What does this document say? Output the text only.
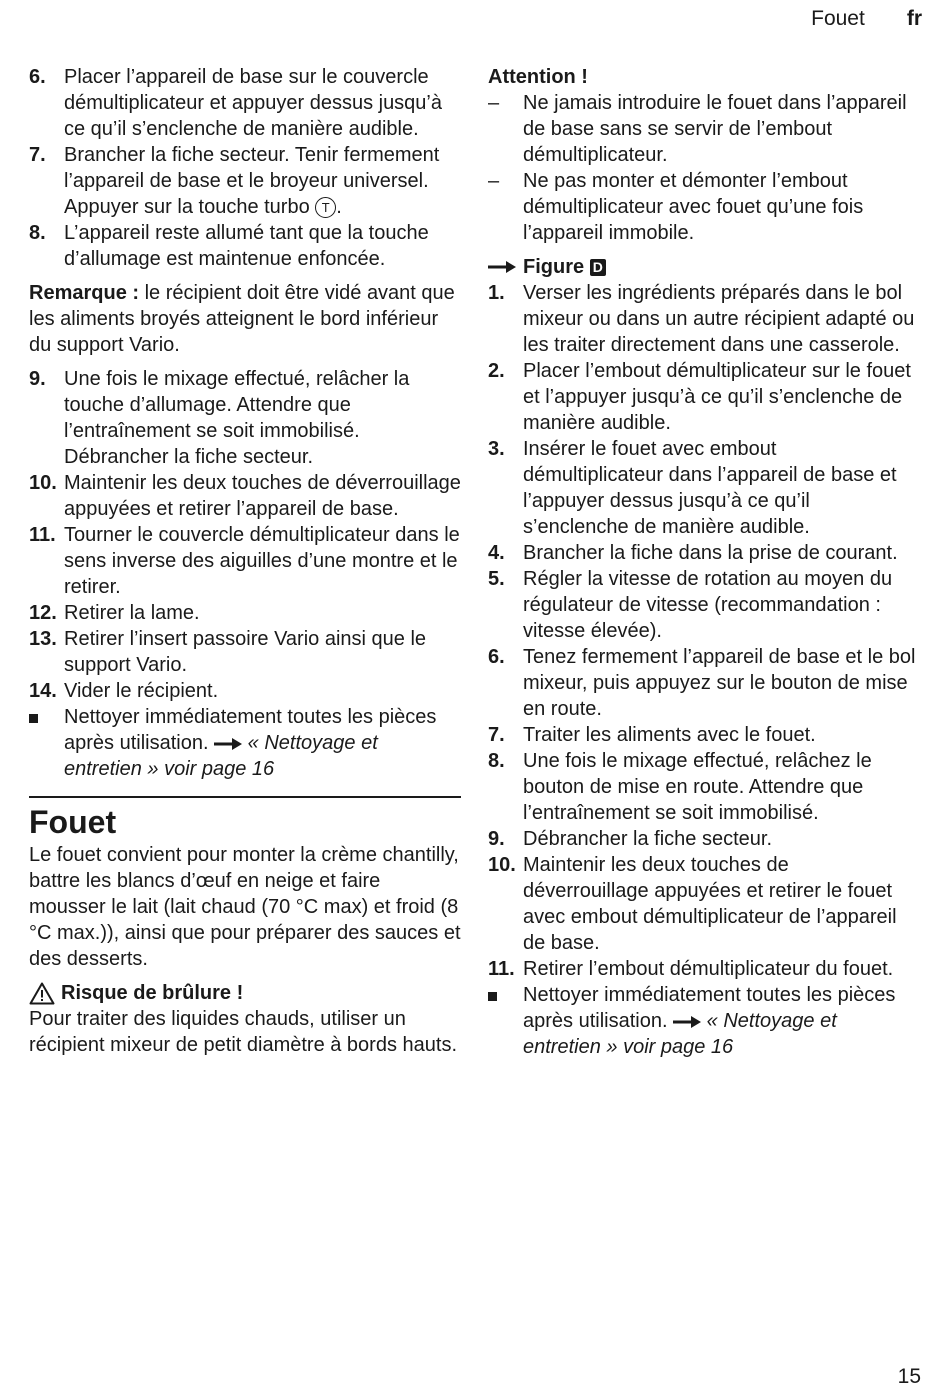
Fouet fr
6. Placer l’appareil de base sur le couvercle démultiplicateur et appuyer dessus jusqu’à ce qu’il s’enclenche de manière audible.
7. Brancher la fiche secteur. Tenir fermement l’appareil de base et le broyeur universel. Appuyer sur la touche turbo T .
8. L’appareil reste allumé tant que la touche d’allumage est maintenue enfoncée.
Remarque : le récipient doit être vidé avant que les aliments broyés atteignent le bord inférieur du support Vario.
9. Une fois le mixage effectué, relâcher la touche d’allumage. Attendre que l’entraînement se soit immobilisé. Débrancher la fiche secteur.
10. Maintenir les deux touches de déverrouillage appuyées et retirer l’appareil de base.
11. Tourner le couvercle démultiplicateur dans le sens inverse des aiguilles d’une montre et le retirer.
12. Retirer la lame.
13. Retirer l’insert passoire Vario ainsi que le support Vario.
14. Vider le récipient.
Nettoyer immédiatement toutes les pièces après utilisation. « Nettoyage et entretien » voir page 16
Fouet
Le fouet convient pour monter la crème chantilly, battre les blancs d’œuf en neige et faire mousser le lait (lait chaud (70 °C max) et froid (8 °C max.)), ainsi que pour préparer des sauces et des desserts.
Risque de brûlure !
Pour traiter des liquides chauds, utiliser un récipient mixeur de petit diamètre à bords hauts.
Attention !
–	Ne jamais introduire le fouet dans l’appareil de base sans se servir de l’embout démultiplicateur.
–	Ne pas monter et démonter l’embout démultiplicateur avec fouet qu’une fois l’appareil immobile.
Figure
D
1. Verser les ingrédients préparés dans le bol mixeur ou dans un autre récipient adapté ou les traiter directement dans une casserole.
2. Placer l’embout démultiplicateur sur le fouet et l’appuyer jusqu’à ce qu’il s’enclenche de manière audible.
3. Insérer le fouet avec embout démultiplicateur dans l’appareil de base et l’appuyer dessus jusqu’à ce qu’il s’enclenche de manière audible.
4. Brancher la fiche dans la prise de courant.
5. Régler la vitesse de rotation au moyen du régulateur de vitesse (recommandation : vitesse élevée).
6. Tenez fermement l’appareil de base et le bol mixeur, puis appuyez sur le bouton de mise en route.
7. Traiter les aliments avec le fouet.
8. Une fois le mixage effectué, relâchez le bouton de mise en route. Attendre que l’entraînement se soit immobilisé.
9. Débrancher la fiche secteur.
10. Maintenir les deux touches de déverrouillage appuyées et retirer le fouet avec embout démultiplicateur de l’appareil de base.
11. Retirer l’embout démultiplicateur du fouet.
Nettoyer immédiatement toutes les pièces après utilisation. « Nettoyage et entretien » voir page 16
15
